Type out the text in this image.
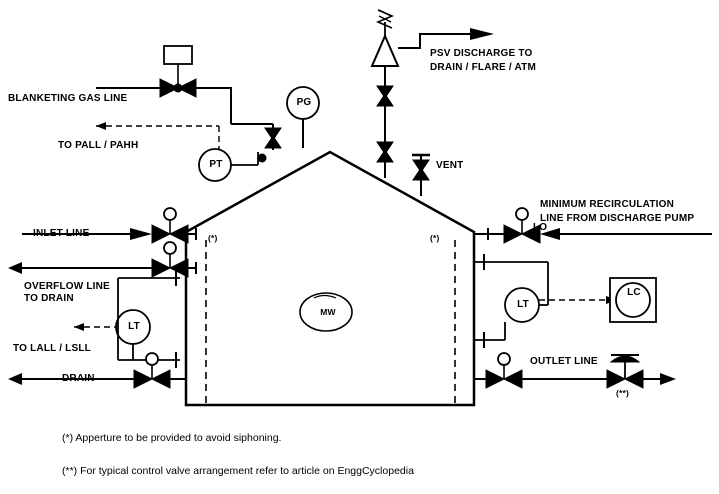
BLANKETING GAS LINE
TO PALL / PAHH
INLET LINE
OVERFLOW LINE
TO DRAIN
TO LALL / LSLL
DRAIN
PSV DISCHARGE TO
DRAIN / FLARE / ATM
VENT
MINIMUM RECIRCULATION
LINE FROM DISCHARGE PUMP
LO
OUTLET LINE
PG
PT
LT
LT
LC
MW
(*)	(*)
(**)
(*) Apperture to be provided to avoid siphoning.
(**) For typical control valve arrangement refer to article on EnggCyclopedia
